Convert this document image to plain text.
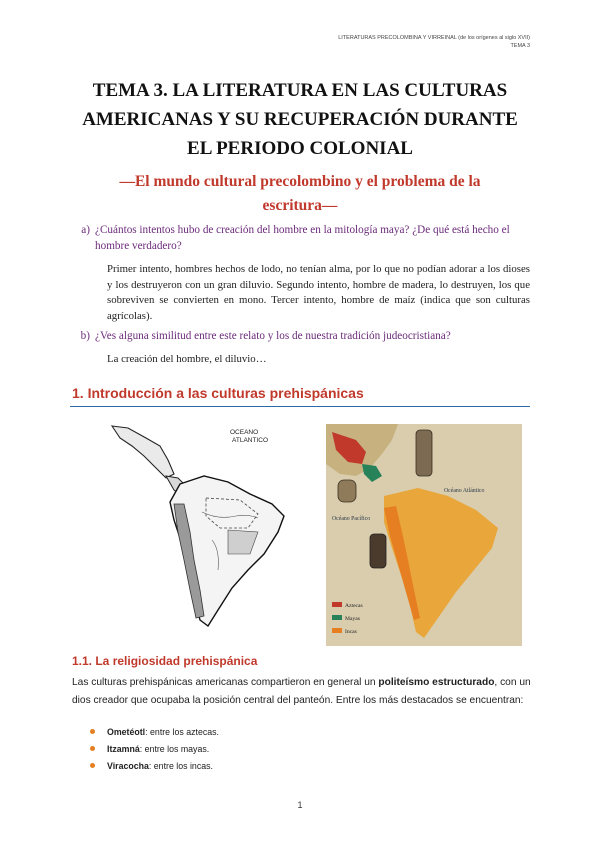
LITERATURAS PRECOLOMBINA Y VIRREINAL (de los orígenes al siglo XVII)
TEMA 3
TEMA 3. LA LITERATURA EN LAS CULTURAS
AMERICANAS Y SU RECUPERACIÓN DURANTE
EL PERIODO COLONIAL
—El mundo cultural precolombino y el problema de la
escritura—
a) ¿Cuántos intentos hubo de creación del hombre en la mitología maya? ¿De qué está hecho el hombre verdadero?
Primer intento, hombres hechos de lodo, no tenían alma, por lo que no podían adorar a los dioses y los destruyeron con un gran diluvio. Segundo intento, hombre de madera, lo destruyen, los que sobreviven se convierten en mono. Tercer intento, hombre de maíz (indica que son culturas agrícolas).
b) ¿Ves alguna similitud entre este relato y los de nuestra tradición judeocristiana?
La creación del hombre, el diluvio…
1. Introducción a las culturas prehispánicas
OCEANO
ATLANTICO
Océano Atlántico
Océano Pacífico
Aztecas
Mayas
Incas
1.1. La religiosidad prehispánica
Las culturas prehispánicas americanas compartieron en general un politeísmo estructurado, con un dios creador que ocupaba la posición central del panteón. Entre los más destacados se encuentran:
Ometéotl: entre los aztecas.
Itzamná: entre los mayas.
Viracocha: entre los incas.
1
